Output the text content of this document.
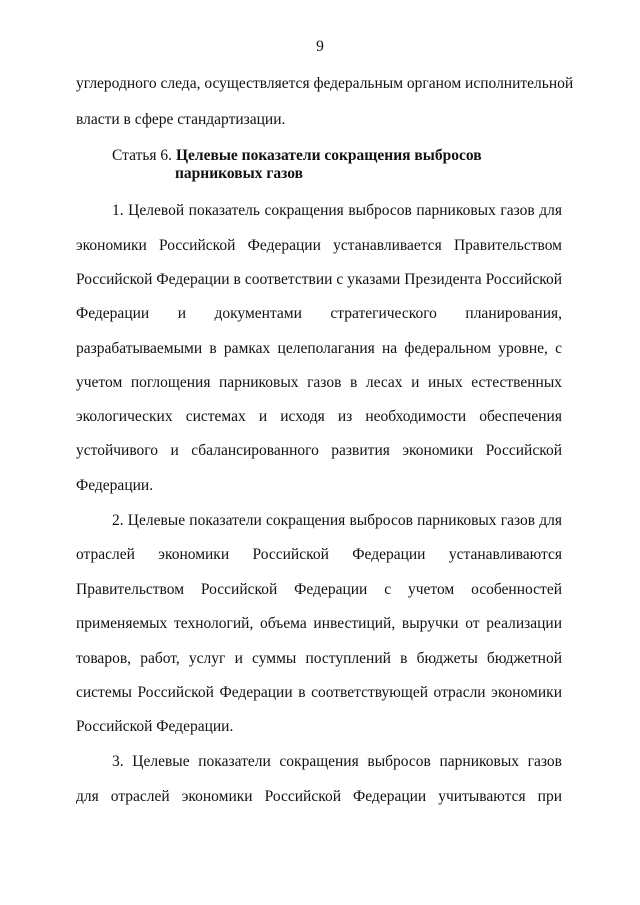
9
углеродного следа, осуществляется федеральным органом исполнительной
власти в сфере стандартизации.
Статья 6. Целевые показатели сокращения выбросов
парниковых газов
1. Целевой показатель сокращения выбросов парниковых газов для
экономики Российской Федерации устанавливается Правительством
Российской Федерации в соответствии с указами Президента Российской
Федерации и документами стратегического планирования,
разрабатываемыми в рамках целеполагания на федеральном уровне, с
учетом поглощения парниковых газов в лесах и иных естественных
экологических системах и исходя из необходимости обеспечения
устойчивого и сбалансированного развития экономики Российской
Федерации.
2. Целевые показатели сокращения выбросов парниковых газов для
отраслей экономики Российской Федерации устанавливаются
Правительством Российской Федерации с учетом особенностей
применяемых технологий, объема инвестиций, выручки от реализации
товаров, работ, услуг и суммы поступлений в бюджеты бюджетной
системы Российской Федерации в соответствующей отрасли экономики
Российской Федерации.
3. Целевые показатели сокращения выбросов парниковых газов
для отраслей экономики Российской Федерации учитываются при
